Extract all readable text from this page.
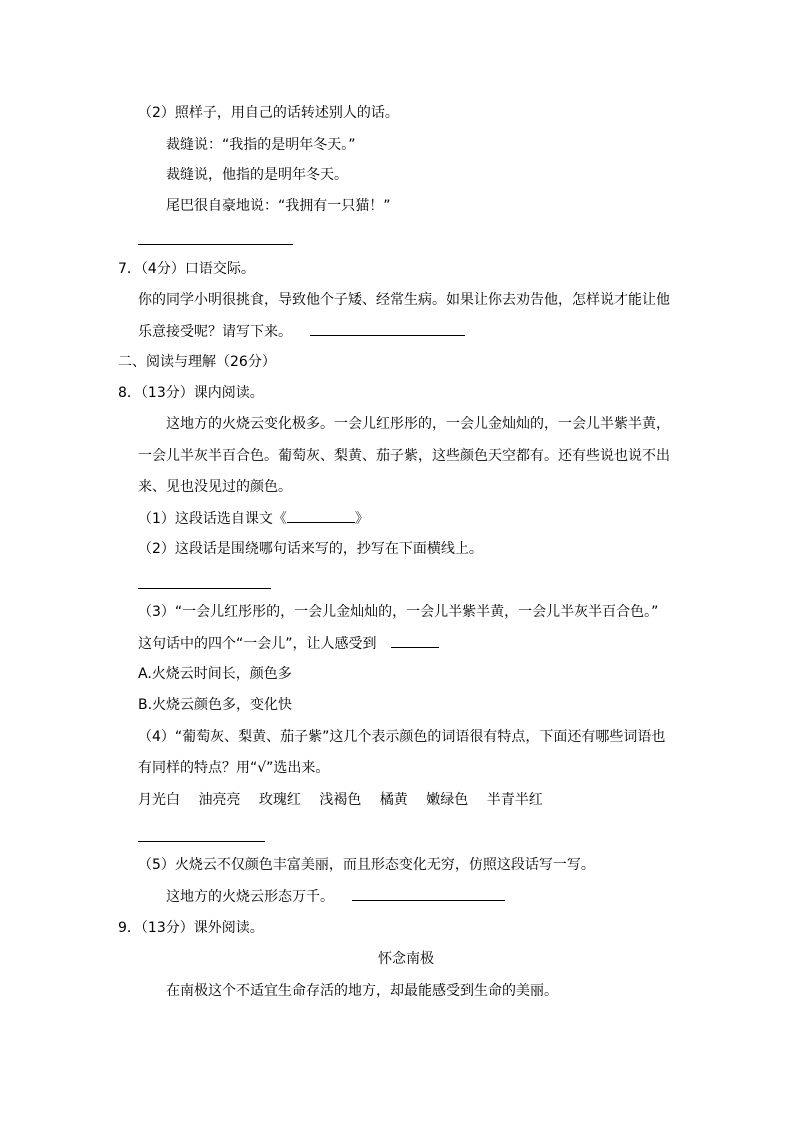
（2）照样子，用自己的话转述别人的话。
裁缝说：“我指的是明年冬天。”
裁缝说，他指的是明年冬天。
尾巴很自豪地说：“我拥有一只猫！”
7．（4分）口语交际。
你的同学小明很挑食，导致他个子矮、经常生病。如果让你去劝告他，怎样说才能让他
乐意接受呢？请写下来。
二、阅读与理解（26分）
8．（13分）课内阅读。
这地方的火烧云变化极多。一会儿红彤彤的，一会儿金灿灿的，一会儿半紫半黄，
一会儿半灰半百合色。葡萄灰、梨黄、茄子紫，这些颜色天空都有。还有些说也说不出
来、见也没见过的颜色。
（1）这段话选自课文《	》
（2）这段话是围绕哪句话来写的，抄写在下面横线上。
（3）“一会儿红彤彤的，一会儿金灿灿的，一会儿半紫半黄，一会儿半灰半百合色。”
这句话中的四个“一会儿”，让人感受到
A.火烧云时间长，颜色多
B.火烧云颜色多，变化快
（4）“葡萄灰、梨黄、茄子紫”这几个表示颜色的词语很有特点，下面还有哪些词语也
有同样的特点？用“√”选出来。
月光白 油亮亮 玫瑰红 浅褐色 橘黄 嫩绿色 半青半红
（5）火烧云不仅颜色丰富美丽，而且形态变化无穷，仿照这段话写一写。
这地方的火烧云形态万千。
9．（13分）课外阅读。
怀念南极
在南极这个不适宜生命存活的地方，却最能感受到生命的美丽。
